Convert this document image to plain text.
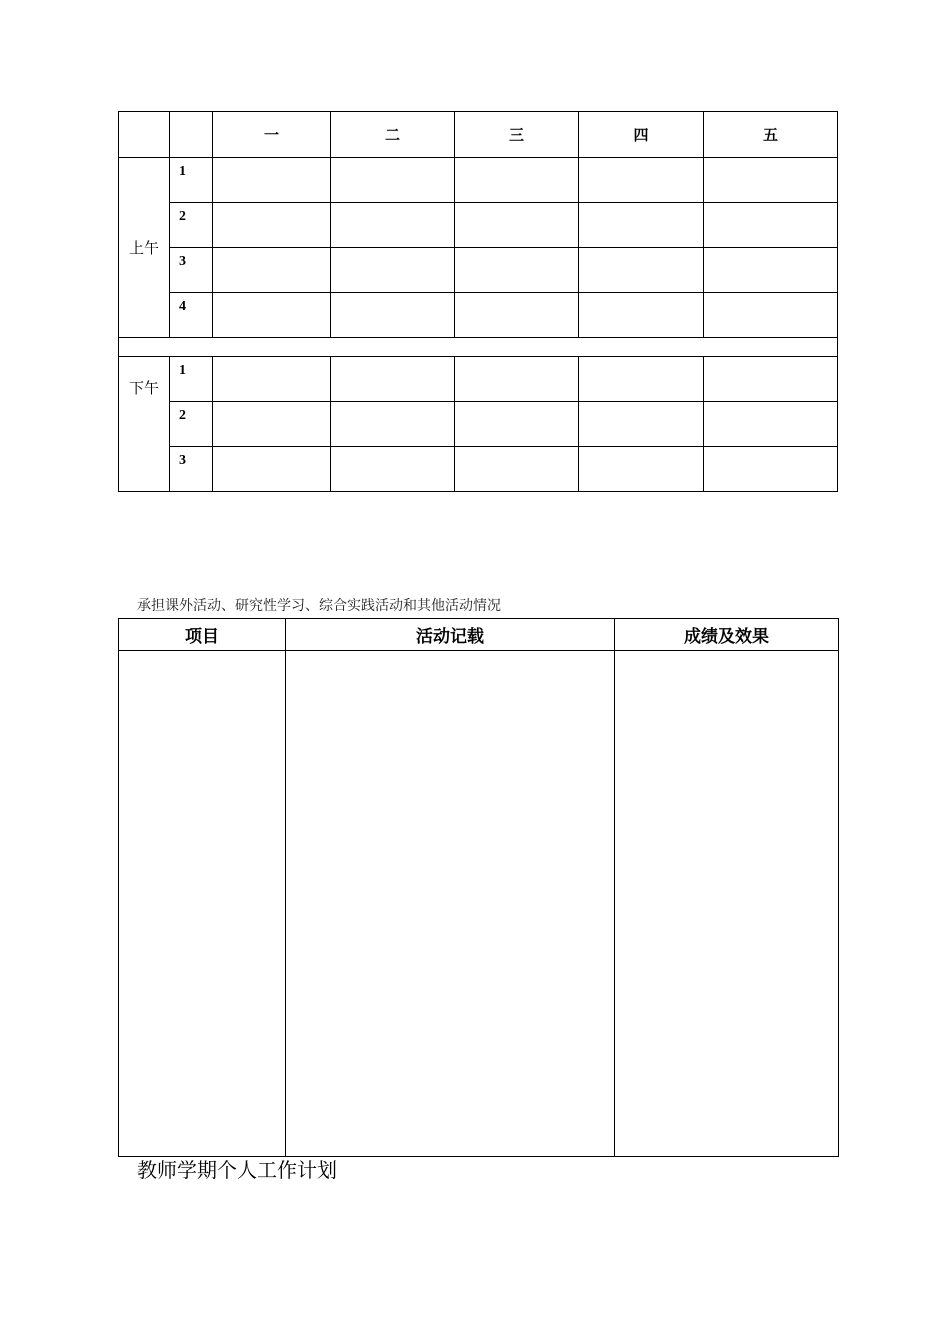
		一	二	三	四	五
上午	1					
	2					
	3					
	4					

下午	1					
	2					
	3					
承担课外活动、研究性学习、综合实践活动和其他活动情况
项目	活动记载	成绩及效果

教师学期个人工作计划
